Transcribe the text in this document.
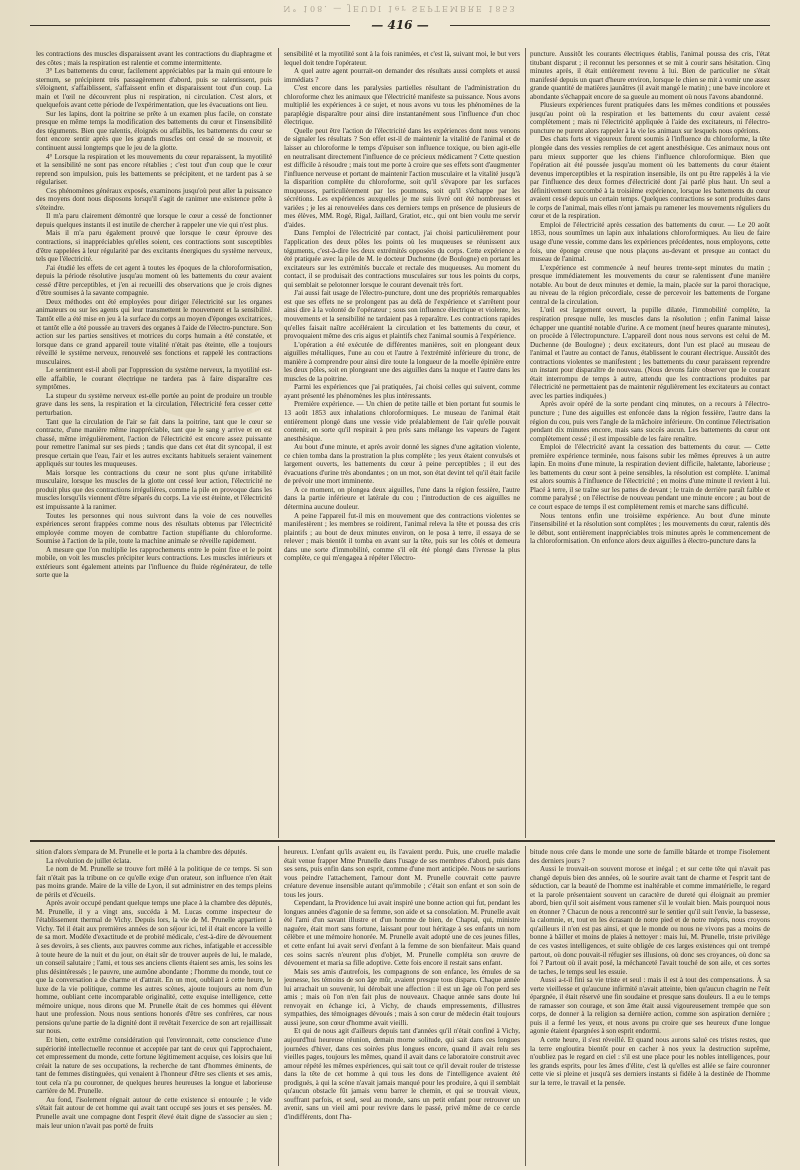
N° 108. — JEUDI 1er SEPTEMBRE 1853
— 416 —

les contractions des muscles disparaissent avant les contractions du diaphragme et des côtes ; mais la respiration est ralentie et comme intermittente.

3° Les battements du cœur, facilement appréciables par la main qui entoure le sternum, se précipitent très passagèrement d'abord, puis se ralentissent, puis s'éloignent, s'affaiblissent, s'affaissent enfin et disparaissent tout d'un coup. La main et l'œil ne découvrent plus ni respiration, ni circulation. C'est alors, et quelquefois avant cette période de l'expérimentation, que les évacuations ont lieu.

Sur les lapins, dont la poitrine se prête à un examen plus facile, on constate presque en même temps la modification des battements du cœur et l'insensibilité des téguments. Bien que ralentis, éloignés ou affaiblis, les battements du cœur se font encore sentir après que les grands muscles ont cessé de se mouvoir, et continuent aussi longtemps que le jeu de la glotte.

4° Lorsque la respiration et les mouvements du cœur reparaissent, la myotilité et la sensibilité ne sont pas encore rétablies ; c'est tout d'un coup que le cœur reprend son impulsion, puis les battements se précipitent, et ne tardent pas à se régulariser.

Ces phénomènes généraux exposés, examinons jusqu'où peut aller la puissance des moyens dont nous disposons lorsqu'il s'agit de ranimer une existence prête à s'éteindre.

Il m'a paru clairement démontré que lorsque le cœur a cessé de fonctionner depuis quelques instants il est inutile de chercher à rappeler une vie qui n'est plus.

Mais il m'a paru également prouvé que lorsque le cœur éprouve des contractions, si inappréciables qu'elles soient, ces contractions sont susceptibles d'être rappelées à leur régularité par des excitants énergiques du système nerveux, tels que l'électricité.

J'ai étudié les effets de cet agent à toutes les époques de la chloroformisation, depuis la période résolutive jusqu'au moment où les battements du cœur avaient cessé d'être perceptibles, et j'en ai recueilli des observations que je crois dignes d'être soumises à la savante compagnie.

Deux méthodes ont été employées pour diriger l'électricité sur les organes animateurs ou sur les agents qui leur transmettent le mouvement et la sensibilité. Tantôt elle a été mise en jeu à la surface du corps au moyen d'éponges excitatrices, et tantôt elle a été poussée au travers des organes à l'aide de l'électro-puncture. Son action sur les parties sensitives et motrices du corps humain a été constatée, et lorsque dans ce grand appareil toute vitalité n'était pas éteinte, elle a toujours réveillé le système nerveux, renouvelé ses fonctions et rappelé les contractions musculaires.

Le sentiment est-il aboli par l'oppression du système nerveux, la myotilité est-elle affaiblie, le courant électrique ne tardera pas à faire disparaître ces symptômes.

La stupeur du système nerveux est-elle portée au point de produire un trouble grave dans les sens, la respiration et la circulation, l'électricité fera cesser cette perturbation.

Tant que la circulation de l'air se fait dans la poitrine, tant que le cœur se contracte, d'une manière même inappréciable, tant que le sang y arrive et en est chassé, même irrégulièrement, l'action de l'électricité est encore assez puissante pour remettre l'animal sur ses pieds ; tandis que dans cet état dit syncopal, il est presque certain que l'eau, l'air et les autres excitants habituels seraient vainement appliqués sur toutes les muqueuses.

Mais lorsque les contractions du cœur ne sont plus qu'une irritabilité musculaire, lorsque les muscles de la glotte ont cessé leur action, l'électricité ne produit plus que des contractions irrégulières, comme la pile en provoque dans les muscles lorsqu'ils viennent d'être séparés du corps. La vie est éteinte, et l'électricité est impuissante à la ranimer.

Toutes les personnes qui nous suivront dans la voie de ces nouvelles expériences seront frappées comme nous des résultats obtenus par l'électricité employée comme moyen de combattre l'action stupéfiante du chloroforme. Soumise à l'action de la pile, toute la machine animale se réveille rapidement.

A mesure que l'on multiplie les rapprochements entre le point fixe et le point mobile, on voit les muscles précipiter leurs contractions. Les muscles intérieurs et extérieurs sont également atteints par l'influence du fluide régénérateur, de telle sorte que la

sensibilité et la myotilité sont à la fois ranimées, et c'est là, suivant moi, le but vers lequel doit tendre l'opérateur.

A quel autre agent pourrait-on demander des résultats aussi complets et aussi immédiats ?

C'est encore dans les paralysies partielles résultant de l'administration du chloroforme chez les animaux que l'électricité manifeste sa puissance. Nous avons multiplié les expériences à ce sujet, et nous avons vu tous les phénomènes de la paraplégie disparaître pour ainsi dire instantanément sous l'influence d'un choc électrique.

Quelle peut être l'action de l'électricité dans les expériences dont nous venons de signaler les résultats ? Son effet est-il de maintenir la vitalité de l'animal et de laisser au chloroforme le temps d'épuiser son influence toxique, ou bien agit-elle en neutralisant directement l'influence de ce précieux médicament ? Cette question est difficile à résoudre ; mais tout me porte à croire que ses effets sont d'augmenter l'influence nerveuse et portant de maintenir l'action musculaire et la vitalité jusqu'à la disparition complète du chloroforme, soit qu'il s'évapore par les surfaces muqueuses, particulièrement par les poumons, soit qu'il s'échappe par les sécrétions. Les expériences auxquelles je me suis livré ont été nombreuses et variées ; je les ai renouvelées dans ces derniers temps en présence de plusieurs de mes élèves, MM. Rogé, Rigal, Jaillard, Gratiot, etc., qui ont bien voulu me servir d'aides.

Dans l'emploi de l'électricité par contact, j'ai choisi particulièrement pour l'application des deux pôles les points où les muqueuses se réunissent aux téguments, c'est-à-dire les deux extrémités opposées du corps. Cette expérience a été pratiquée avec la pile de M. le docteur Duchenne (de Boulogne) en portant les excitateurs sur les extrémités buccale et rectale des muqueuses. Au moment du contact, il se produisait des contractions musculaires sur tous les points du corps, qui semblait se pelotonner lorsque le courant devenait très fort.

J'ai aussi fait usage de l'électro-puncture, dont une des propriétés remarquables est que ses effets ne se prolongent pas au delà de l'expérience et s'arrêtent pour ainsi dire à la volonté de l'opérateur ; sous son influence électrique et violente, les mouvements et la sensibilité ne tardaient pas à reparaître. Les contractions rapides qu'elles faisait naître accéléraient la circulation et les battements du cœur, et provoquaient même des cris aigus et plaintifs chez l'animal soumis à l'expérience.

L'opération a été exécutée de différentes manières, soit en plongeant deux aiguilles métalliques, l'une au cou et l'autre à l'extrémité inférieure du tronc, de manière à comprendre pour ainsi dire toute la longueur de la moelle épinière entre les deux pôles, soit en plongeant une des aiguilles dans la nuque et l'autre dans les muscles de la poitrine.

Parmi les expériences que j'ai pratiquées, j'ai choisi celles qui suivent, comme ayant présenté les phénomènes les plus intéressants.

Première expérience. — Un chien de petite taille et bien portant fut soumis le 13 août 1853 aux inhalations chloroformiques. Le museau de l'animal était entièrement plongé dans une vessie vide préalablement de l'air qu'elle pouvait contenir, en sorte qu'il respirait à peu près sans mélange les vapeurs de l'agent anesthésique.

Au bout d'une minute, et après avoir donné les signes d'une agitation violente, ce chien tomba dans la prostration la plus complète ; les yeux étaient convulsés et largement ouverts, les battements du cœur à peine perceptibles ; il eut des évacuations d'urine très abondantes ; on un mot, son état devint tel qu'il était facile de prévoir une mort imminente.

A ce moment, on plongea deux aiguilles, l'une dans la région fessière, l'autre dans la partie inférieure et latérale du cou ; l'introduction de ces aiguilles ne détermina aucune douleur.

A peine l'appareil fut-il mis en mouvement que des contractions violentes se manifestèrent ; les membres se roidirent, l'animal releva la tête et poussa des cris plaintifs ; au bout de deux minutes environ, on le posa à terre, il essaya de se relever ; mais bientôt il tomba en avant sur la tête, puis sur les côtés et demeura dans une sorte d'immobilité, comme s'il eût été plongé dans l'ivresse la plus complète, ce qui m'engagea à répéter l'électro-

puncture. Aussitôt les courants électriques établis, l'animal poussa des cris, l'état titubant disparut ; il reconnut les personnes et se mit à courir sans hésitation. Cinq minutes après, il était entièrement revenu à lui. Bien de particulier ne s'était manifesté depuis un quart d'heure environ, lorsque le chien se mit à vomir une assez grande quantité de matières jaunâtres (il avait mangé le matin) ; une bave incolore et abondante s'échappait encore de sa gueule au moment où nous l'avons abandonné.

Plusieurs expériences furent pratiquées dans les mêmes conditions et poussées jusqu'au point où la respiration et les battements du cœur avaient cessé complètement ; mais ni l'électricité appliquée à l'aide des excitateurs, ni l'électro-puncture ne purent alors rappeler à la vie les animaux sur lesquels nous opérions.

Des chats forts et vigoureux furent soumis à l'influence du chloroforme, la tête plongée dans des vessies remplies de cet agent anesthésique. Ces animaux nous ont paru mieux supporter que les chiens l'influence chloroformique. Bien que l'opération ait été poussée jusqu'au moment où les battements du cœur étaient devenus imperceptibles et la respiration insensible, ils ont pu être rappelés à la vie par l'influence des deux formes d'électricité dont j'ai parlé plus haut. Un seul a définitivement succombé à la troisième expérience, lorsque les battements du cœur avaient cessé depuis un certain temps. Quelques contractions se sont produites dans le corps de l'animal, mais elles n'ont jamais pu ramener les mouvements réguliers du cœur et de la respiration.

Emploi de l'électricité après cessation des battements du cœur. — Le 20 août 1853, nous soumîmes un lapin aux inhalations chloroformiques. Au lieu de faire usage d'une vessie, comme dans les expériences précédentes, nous employons, cette fois, une éponge creuse que nous plaçons au-devant et presque au contact du museau de l'animal.

L'expérience est commencée à neuf heures trente-sept minutes du matin ; presque immédiatement les mouvements du cœur se ralentissent d'une manière notable. Au bout de deux minutes et demie, la main, placée sur la paroi thoracique, au niveau de la région précordiale, cesse de percevoir les battements de l'organe central de la circulation.

L'œil est largement ouvert, la pupille dilatée, l'immobilité complète, la respiration presque nulle, les muscles dans la résolution ; enfin l'animal laisse échapper une quantité notable d'urine. A ce moment (neuf heures quarante minutes), on procède à l'électropuncture. L'appareil dont nous nous servons est celui de M. Duchenne (de Boulogne) ; deux excitateurs, dont l'un est placé au museau de l'animal et l'autre au contact de l'anus, établissent le courant électrique. Aussitôt des contractions violentes se manifestent ; les battements du cœur paraissent reprendre un instant pour disparaître de nouveau. (Nous devons faire observer que le courant était interrompu de temps à autre, attendu que les contractions produites par l'électricité ne permettaient pas de maintenir régulièrement les excitateurs au contact avec les parties indiquées.)

Après avoir opéré de la sorte pendant cinq minutes, on a recours à l'électro-puncture ; l'une des aiguilles est enfoncée dans la région fessière, l'autre dans la région du cou, puis vers l'angle de la mâchoire inférieure. On continue l'électrisation pendant dix minutes encore, mais sans succès aucun. Les battements du cœur ont complètement cessé ; il est impossible de les faire renaître.

Emploi de l'électricité avant la cessation des battements du cœur. — Cette première expérience terminée, nous faisons subir les mêmes épreuves à un autre lapin. En moins d'une minute, la respiration devient difficile, haletante, laborieuse ; les battements du cœur sont à peine sensibles, la résolution est complète. L'animal est alors soumis à l'influence de l'électricité ; en moins d'une minute il revient à lui. Placé à terre, il se traîne sur les pattes de devant ; le train de derrière paraît faible et comme paralysé ; on l'électrise de nouveau pendant une minute encore ; au bout de ce court espace de temps il est complètement remis et marche sans difficulté.

Nous tentons enfin une troisième expérience. Au bout d'une minute l'insensibilité et la résolution sont complètes ; les mouvements du cœur, ralentis dès le début, sont entièrement inappréciables trois minutes après le commencement de la chloroformisation. On enfonce alors deux aiguilles à électro-puncture dans la

sition d'alors s'empara de M. Prunelle et le porta à la chambre des députés.

La révolution de juillet éclata.

Le nom de M. Prunelle se trouve fort mêlé à la politique de ce temps. Si son fait n'était pas la tribune on ce qu'elle exige d'un orateur, son influence n'en était pas moins grande. Maire de la ville de Lyon, il sut administrer en des temps pleins de périls et d'écueils.

Après avoir occupé pendant quelque temps une place à la chambre des députés, M. Prunelle, il y a vingt ans, succéda à M. Lucas comme inspecteur de l'établissement thermal de Vichy. Depuis lors, la vie de M. Prunelle appartient à Vichy. Tel il était aux premières années de son séjour ici, tel il était encore la veille de sa mort. Modèle d'exactitude et de probité médicale, c'est-à-dire de dévouement à ses devoirs, à ses clients, aux pauvres comme aux riches, infatigable et accessible à toute heure de la nuit et du jour, on était sûr de trouver auprès de lui, le malade, un conseil salutaire ; l'ami, et tous ses anciens clients étaient ses amis, les soins les plus désintéressés ; le pauvre, une aumône abondante ; l'homme du monde, tout ce que la conversation a de charme et d'attrait. En un mot, oubliant à cette heure, le luxe de la vie politique, comme les autres scènes, ajoute toujours au nom d'un homme, oubliant cette incomparable originalité, cette exquise intelligence, cette mémoire unique, nous dirons que M. Prunelle était de ces hommes qui élèvent haut une profession. Nous nous sentions honorés d'être ses confrères, car nous pensions qu'une partie de la dignité dont il revêtait l'exercice de son art rejaillissait sur nous.

Et bien, cette extrême considération qui l'environnait, cette conscience d'une supériorité intellectuelle reconnue et acceptée par tant de ceux qui l'approchaient, cet empressement du monde, cette fortune légitimement acquise, ces loisirs que lui créait la nature de ses occupations, la recherche de tant d'hommes éminents, de tant de femmes distinguées, qui venaient à l'honneur d'être ses clients et ses amis, tout cela n'a pu couronner, de quelques heures heureuses la longue et laborieuse carrière de M. Prunelle.

Au fond, l'isolement régnait autour de cette existence si entourée ; le vide s'était fait autour de cet homme qui avait tant occupé ses jours et ses pensées. M. Prunelle avait une compagne dont l'esprit élevé était digne de s'associer au sien ; mais leur union n'avait pas porté de fruits

heureux. L'enfant qu'ils avaient eu, ils l'avaient perdu. Puis, une cruelle maladie était venue frapper Mme Prunelle dans l'usage de ses membres d'abord, puis dans ses sens, puis enfin dans son esprit, comme d'une mort anticipée. Nous ne saurions vous peindre l'attachement, l'amour dont M. Prunelle couvrait cette pauvre créature devenue insensible autant qu'immobile ; c'était son enfant et son soin de tous les jours.

Cependant, la Providence lui avait inspiré une bonne action qui fut, pendant les longues années d'agonie de sa femme, son aide et sa consolation. M. Prunelle avait été l'ami d'un savant illustre et d'un homme de bien, de Chaptal, qui, ministre naguère, était mort sans fortune, laissant pour tout héritage à ses enfants un nom célèbre et une mémoire honorée. M. Prunelle avait adopté une de ces jeunes filles, et cette enfant lui avait servi d'enfant à la femme de son bienfaiteur. Mais quand ces soins sacrés n'eurent plus d'objet, M. Prunelle compléta son œuvre de dévouement et maria sa fille adoptive. Cette fois encore il restait sans enfant.

Mais ses amis d'autrefois, les compagnons de son enfance, les émules de sa jeunesse, les témoins de son âge mûr, avaient presque tous disparu. Chaque année lui arrachait un souvenir, lui dérobait une affection : il est un âge où l'on perd ses amis ; mais où l'on n'en fait plus de nouveaux. Chaque année sans doute lui renvoyait en échange ici, à Vichy, de chauds empressements, d'illustres sympathies, des témoignages dévoués ; mais à son cœur de médecin était toujours aussi jeune, son cœur d'homme avait vieilli.

Et qui de nous agit d'ailleurs depuis tant d'années qu'il n'était confiné à Vichy, aujourd'hui heureuse réunion, demain morne solitude, qui sait dans ces longues journées d'hiver, dans ces soirées plus longues encore, quand il avait relu ses vieilles pages, toujours les mêmes, quand il avait dans ce laboratoire construit avec amour répété les mêmes expériences, qui sait tout ce qu'il devait rouler de tristesse dans la tête de cet homme à qui tous les dons de l'intelligence avaient été prodigués, à qui la scène n'avait jamais manqué pour les produire, à qui il semblait qu'aucun obstacle fût jamais venu barrer le chemin, et qui se trouvait vieux, souffrant parfois, et seul, seul au monde, sans un petit enfant pour retrouver un avenir, sans un vieil ami pour revivre dans le passé, privé même de ce cercle d'indifférents, dont l'ha-

bitude nous crée dans le monde une sorte de famille bâtarde et trompe l'isolement des derniers jours ?

Aussi le trouvait-on souvent morose et inégal ; et sur cette tête qui n'avait pas changé depuis bien des années, où le sourire avait tant de charme et l'esprit tant de séduction, car la beauté de l'homme est inaltérable et comme immatérielle, le regard et la parole présentaient souvent un caractère de dureté qui éloignait au premier abord, bien qu'il soit aisément vous ramener s'il le voulait bien. Mais pourquoi nous en étonner ? Chacun de nous a rencontré sur le sentier qu'il suit l'envie, la bassesse, la calomnie, et, tout en les écrasant de notre pied et de notre mépris, nous croyons qu'ailleurs il n'en est pas ainsi, et que le monde ou nous ne vivons pas a moins de bonne à bâiller et moins de plaies à nettoyer : mais lui, M. Prunelle, triste privilège de ces vastes intelligences, et suite obligée de ces larges existences qui ont trempé partout, où donc pouvait-il réfugier ses illusions, où donc ses croyances, où donc sa foi ? Partout où il avait posé, la méchanceté l'avait touché de son aile, et ces sortes de taches, le temps seul les essuie.

Aussi a-t-il fini sa vie triste et seul : mais il est à tout des compensations. À sa verte vieillesse et qu'aucune infirmité n'avait atteinte, bien qu'aucun chagrin ne l'eût épargnée, il était réservé une fin soudaine et presque sans douleurs. Il a eu le temps de ramasser son courage, et son âme était aussi vigoureusement trempée que son corps, de donner à la religion sa dernière action, comme son aspiration dernière ; puis il a fermé les yeux, et nous avons pu croire que ses heureux d'une longue agonie étaient épargnées à son esprit endormi.

A cette heure, il s'est réveillé. Et quand nous aurons salué ces tristes restes, que la terre engloutira bientôt pour en cacher à nos yeux la destruction suprême, n'oubliez pas le regard en ciel : s'il est une place pour les nobles intelligences, pour les grands esprits, pour les âmes d'élite, c'est là qu'elles est allée se faire couronner cette vie si pleine et jusqu'à ses derniers instants si fidèle à la destinée de l'homme sur la terre, le travail et la pensée.
